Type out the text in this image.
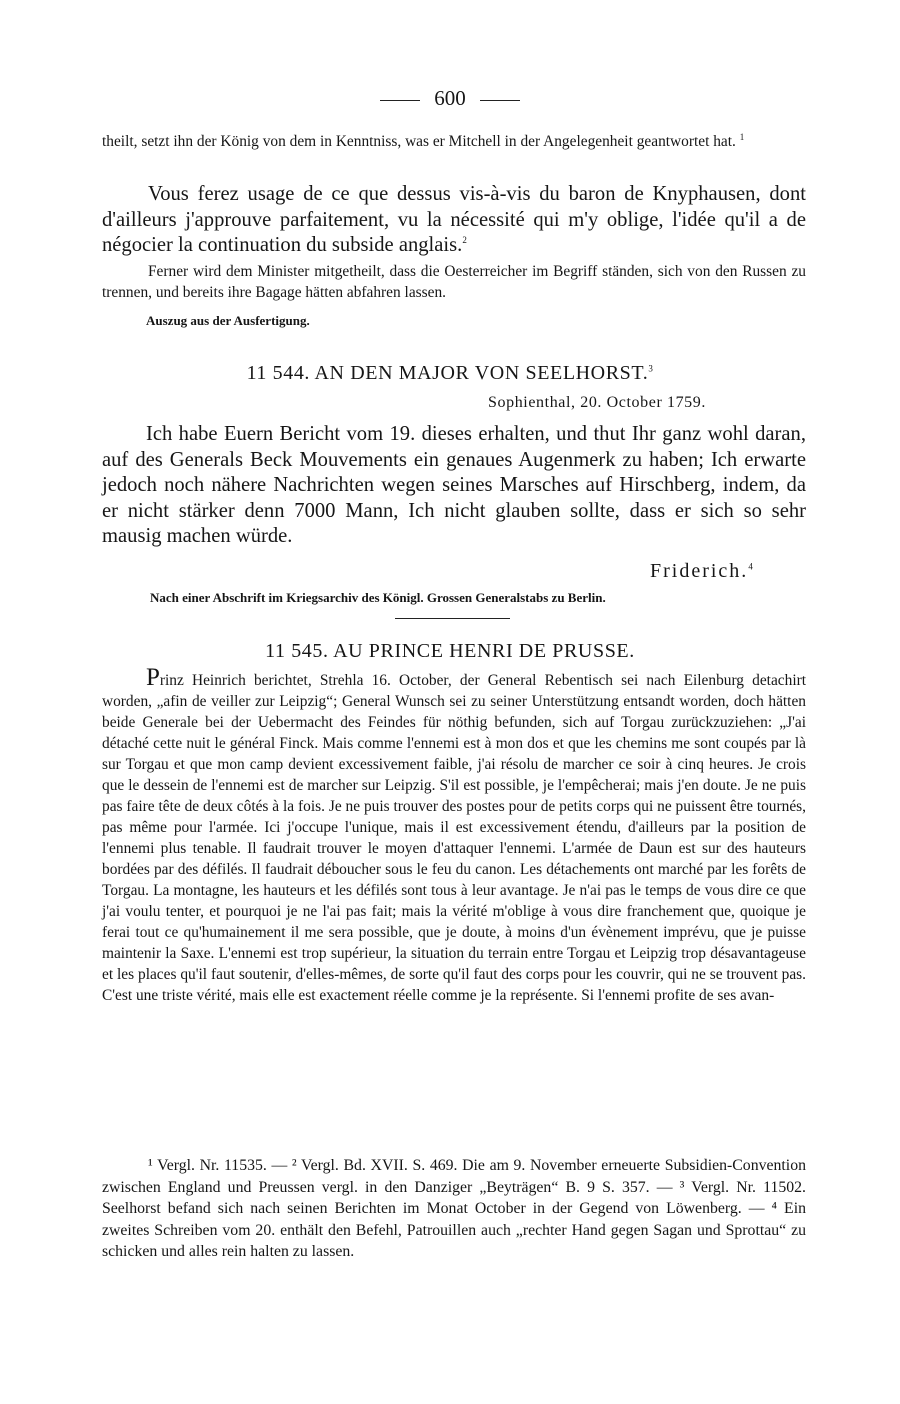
600

theilt, setzt ihn der König von dem in Kenntniss, was er Mitchell in der Angelegenheit geantwortet hat. $^1$

Vous ferez usage de ce que dessus vis-à-vis du baron de Knyphausen, dont d'ailleurs j'approuve parfaitement, vu la nécessité qui m'y oblige, l'idée qu'il a de négocier la continuation du subside anglais.$^2$

Ferner wird dem Minister mitgetheilt, dass die Oesterreicher im Begriff ständen, sich von den Russen zu trennen, und bereits ihre Bagage hätten abfahren lassen.

Auszug aus der Ausfertigung.
11 544. AN DEN MAJOR VON SEELHORST.$^3$
Sophienthal, 20. October 1759.

Ich habe Euern Bericht vom 19. dieses erhalten, und thut Ihr ganz wohl daran, auf des Generals Beck Mouvements ein genaues Augenmerk zu haben; Ich erwarte jedoch noch nähere Nachrichten wegen seines Marsches auf Hirschberg, indem, da er nicht stärker denn 7000 Mann, Ich nicht glauben sollte, dass er sich so sehr mausig machen würde.

Friderich.$^4$
Nach einer Abschrift im Kriegsarchiv des Königl. Grossen Generalstabs zu Berlin.
11 545. AU PRINCE HENRI DE PRUSSE.

Prinz Heinrich berichtet, Strehla 16. October, der General Rebentisch sei nach Eilenburg detachirt worden, „afin de veiller zur Leipzig“; General Wunsch sei zu seiner Unterstützung entsandt worden, doch hätten beide Generale bei der Uebermacht des Feindes für nöthig befunden, sich auf Torgau zurückzuziehen: „J'ai détaché cette nuit le général Finck. Mais comme l'ennemi est à mon dos et que les chemins me sont coupés par là sur Torgau et que mon camp devient excessivement faible, j'ai résolu de marcher ce soir à cinq heures. Je crois que le dessein de l'ennemi est de marcher sur Leipzig. S'il est possible, je l'empêcherai; mais j'en doute. Je ne puis pas faire tête de deux côtés à la fois. Je ne puis trouver des postes pour de petits corps qui ne puissent être tournés, pas même pour l'armée. Ici j'occupe l'unique, mais il est excessivement étendu, d'ailleurs par la position de l'ennemi plus tenable. Il faudrait trouver le moyen d'attaquer l'ennemi. L'armée de Daun est sur des hauteurs bordées par des défilés. Il faudrait déboucher sous le feu du canon. Les détachements ont marché par les forêts de Torgau. La montagne, les hauteurs et les défilés sont tous à leur avantage. Je n'ai pas le temps de vous dire ce que j'ai voulu tenter, et pourquoi je ne l'ai pas fait; mais la vérité m'oblige à vous dire franchement que, quoique je ferai tout ce qu'humainement il me sera possible, que je doute, à moins d'un évènement imprévu, que je puisse maintenir la Saxe. L'ennemi est trop supérieur, la situation du terrain entre Torgau et Leipzig trop désavantageuse et les places qu'il faut soutenir, d'elles-mêmes, de sorte qu'il faut des corps pour les couvrir, qui ne se trouvent pas. C'est une triste vérité, mais elle est exactement réelle comme je la représente. Si l'ennemi profite de ses avan-

¹ Vergl. Nr. 11535. — ² Vergl. Bd. XVII. S. 469. Die am 9. November erneuerte Subsidien-Convention zwischen England und Preussen vergl. in den Danziger „Beyträgen“ B. 9 S. 357. — ³ Vergl. Nr. 11502. Seelhorst befand sich nach seinen Berichten im Monat October in der Gegend von Löwenberg. — ⁴ Ein zweites Schreiben vom 20. enthält den Befehl, Patrouillen auch „rechter Hand gegen Sagan und Sprottau“ zu schicken und alles rein halten zu lassen.
